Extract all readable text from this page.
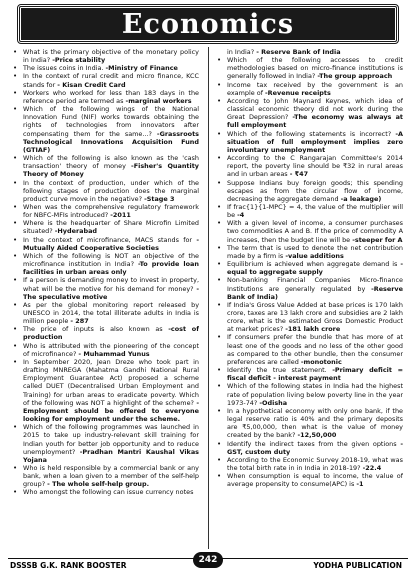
Economics
• What is the primary objective of the monetary policy in India? -Price stability
• The issues coins in India. -Ministry of Finance
• In the context of rural credit and micro finance, KCC stands for - Kisan Credit Card
• Workers who worked for less than 183 days in the reference period are termed as -marginal workers
• Which of the following wings of the National Innovation Fund (NIF) works towards obtaining the rights of technologies from innovators after compensating them for the same...? -Grassroots Technological Innovations Acquisition Fund (GTIAF)
• Which of the following is also known as the 'cash transaction' theory of money -Fisher's Quantity Theory of Money
• In the context of production, under which of the following stages of production does the marginal product curve move in the negative? -Stage 3
• When was the comprehensive regulatory framework for NBFC-MFIs introduced? -2011
• Where is the headquarter of Share Microfin Limited situated? -Hyderabad
• In the context of microfinance, MACS stands for -Mutually Aided Cooperative Societies
• Which of the following is NOT an objective of the microfinance institution in India? -To provide loan facilities in urban areas only
• If a person is demanding money to invest in property, what will be the motive for his demand for money? -The speculative motive
• As per the global monitoring report released by UNESCO in 2014, the total illiterate adults in India is million people - 287
• The price of inputs is also known as -cost of production
• Who is attributed with the pioneering of the concept of microfinance? - Muhammad Yunus
• In September 2020, Jean Dreze who took part in drafting MNREGA (Mahatma Gandhi National Rural Employment Guarantee Act) proposed a scheme called DUET (Decentralised Urban Employment and Training) for urban areas to eradicate poverty. Which of the following was NOT a highlight of the scheme? -Employment should be offered to everyone looking for employment under the scheme.
• Which of the following programmes was launched in 2015 to take up industry-relevant skill training for Indian youth for better job opportunity and to reduce unemployment? -Pradhan Mantri Kaushal Vikas Yojana
• Who is held responsible by a commercial bank or any bank, when a loan given to a member of the self-help group? - The whole self-help group.
• Who amongst the following can issue currency notes
in India? - Reserve Bank of India
• Which of the following accesses to credit methodologies based on micro-finance institutions is generally followed in India? -The group approach
• Income tax received by the government is an example of -Revenue receipts
• According to John Maynard Keynes, which idea of classical economic theory did not work during the Great Depression? -The economy was always at full employment
• Which of the following statements is incorrect? -A situation of full employment implies zero involuntary unemployment
• According to the C Rangarajan Committee's 2014 report, the poverty line should be ₹32 in rural areas and in urban areas - ₹47
• Suppose Indians buy foreign goods; this spending escapes as from the circular flow of income, decreasing the aggregate demand -a leakage)
• If frac{1}{1-MPC} = 4, the value of the multiplier will be -4
• With a given level of income, a consumer purchases two commodities A and B. If the price of commodity A increases, then the budget line will be -steeper for A
• The term that is used to denote the net contribution made by a firm is -value additions
• Equilibrium is achieved when aggregate demand is -equal to aggregate supply
• Non-banking Financial Companies Micro-finance Institutions are generally regulated by -Reserve Bank of India)
• If India's Gross Value Added at base prices is 170 lakh crore, taxes are 13 lakh crore and subsidies are 2 lakh crore, what is the estimated Gross Domestic Product at market prices? -181 lakh crore
• If consumers prefer the bundle that has more of at least one of the goods and no less of the other good as compared to the other bundle, then the consumer preferences are called -monotonic
• Identify the true statement. -Primary deficit = fiscal deficit - interest payment
• Which of the following states in India had the highest rate of population living below poverty line in the year 1973-74? -Odisha
• In a hypothetical economy with only one bank, if the legal reserve ratio is 40% and the primary deposits are ₹5,00,000, then what is the value of money created by the bank? -12,50,000
• Identify the indirect taxes from the given options -GST, custom duty
• According to the Economic Survey 2018-19, what was the total birth rate in in India in 2018-19? -22.4
• When consumption is equal to income, the value of average propensity to consume(APC) is -1
DSSSB G.K. RANK BOOSTER
242
YODHA PUBLICATION
